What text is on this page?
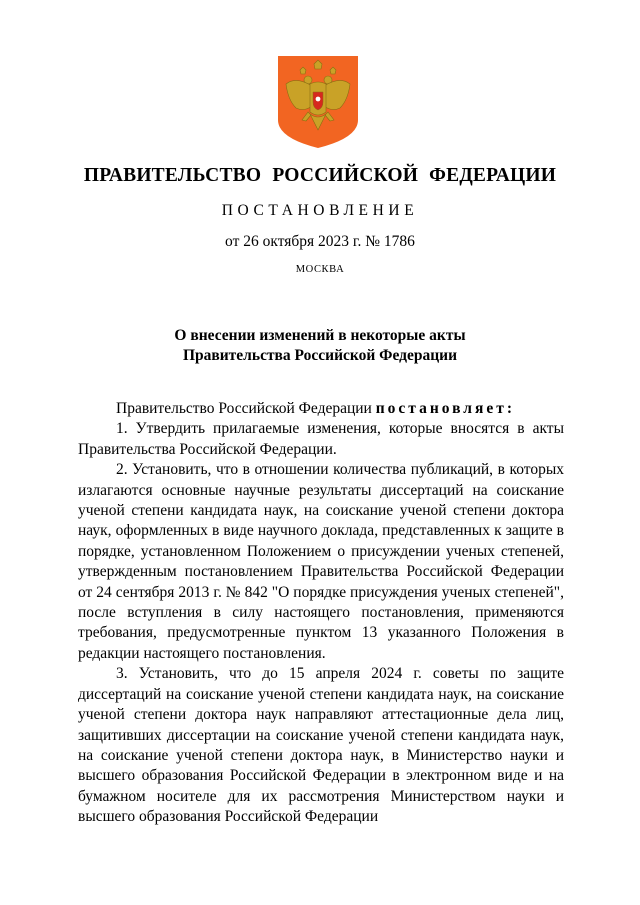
ПРАВИТЕЛЬСТВО РОССИЙСКОЙ ФЕДЕРАЦИИ
ПОСТАНОВЛЕНИЕ
от 26 октября 2023 г. № 1786
МОСКВА
О внесении изменений в некоторые акты
Правительства Российской Федерации

Правительство Российской Федерации постановляет:

1. Утвердить прилагаемые изменения, которые вносятся в акты Правительства Российской Федерации.

2. Установить, что в отношении количества публикаций, в которых излагаются основные научные результаты диссертаций на соискание ученой степени кандидата наук, на соискание ученой степени доктора наук, оформленных в виде научного доклада, представленных к защите в порядке, установленном Положением о присуждении ученых степеней, утвержденным постановлением Правительства Российской Федерации от 24 сентября 2013 г. № 842 "О порядке присуждения ученых степеней", после вступления в силу настоящего постановления, применяются требования, предусмотренные пунктом 13 указанного Положения в редакции настоящего постановления.

3. Установить, что до 15 апреля 2024 г. советы по защите диссертаций на соискание ученой степени кандидата наук, на соискание ученой степени доктора наук направляют аттестационные дела лиц, защитивших диссертации на соискание ученой степени кандидата наук, на соискание ученой степени доктора наук, в Министерство науки и высшего образования Российской Федерации в электронном виде и на бумажном носителе для их рассмотрения Министерством науки и высшего образования Российской Федерации
